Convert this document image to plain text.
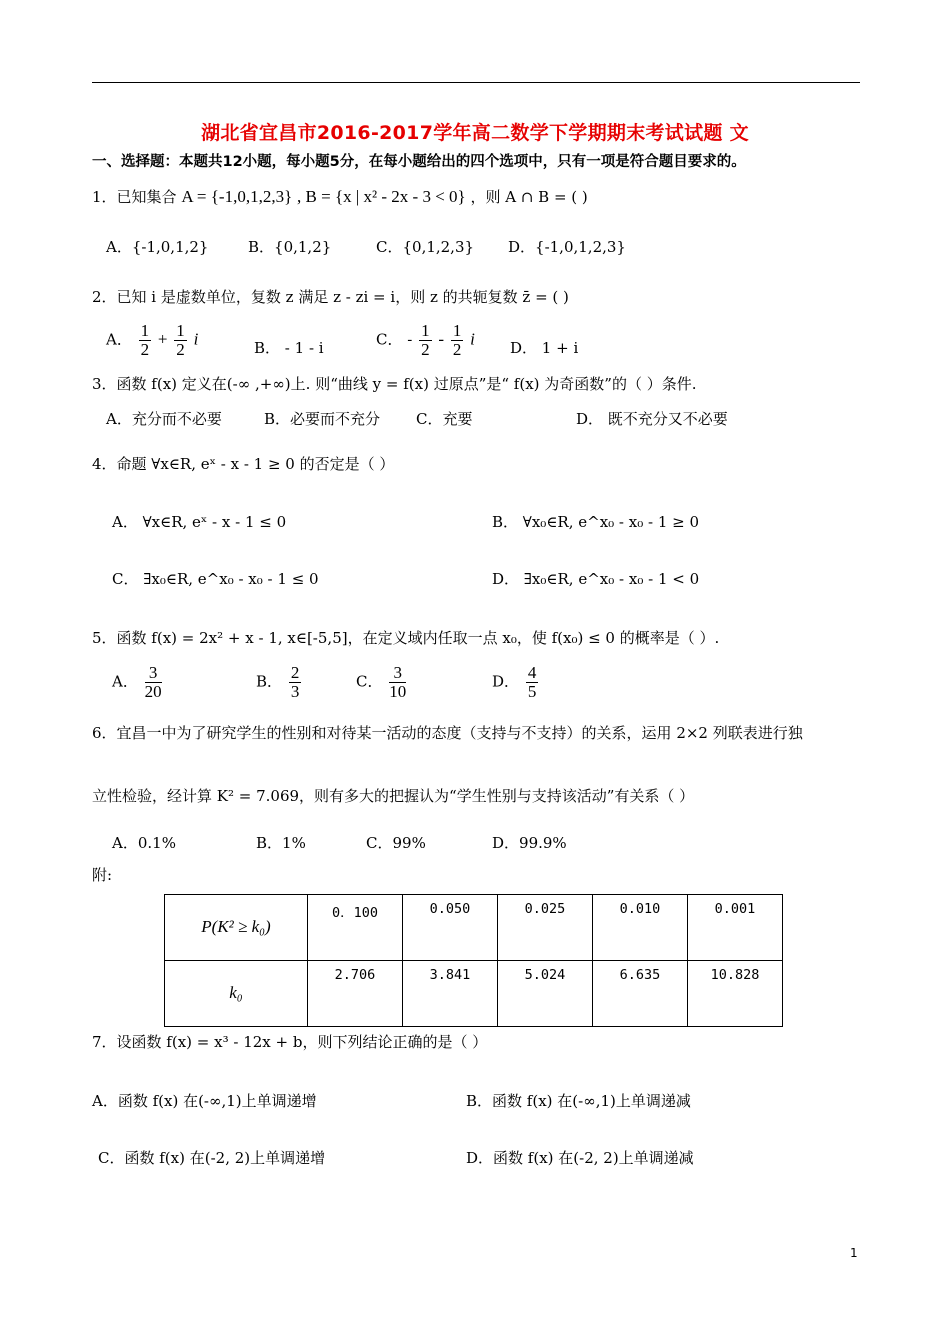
湖北省宜昌市2016-2017学年高二数学下学期期末考试试题 文
一、选择题：本题共12小题，每小题5分，在每小题给出的四个选项中，只有一项是符合题目要求的。
1．已知集合 A = {-1,0,1,2,3} , B = {x | x² - 2x - 3 < 0} ，则 A ∩ B = ( )
A．{-1,0,1,2}	B．{0,1,2}	C．{0,1,2,3} D．{-1,0,1,2,3}
2．已知 i 是虚数单位，复数 z 满足 z - zi = i，则 z 的共轭复数 z̄ = ( )
A． $\frac{1}{2} + \frac{1}{2}$ i	B． - 1 - i	C． - $\frac{1}{2} - \frac{1}{2}$ i D． 1 + i
3．函数 f(x) 定义在(-∞ ,+∞)上. 则“曲线 y = f(x) 过原点”是“ f(x) 为奇函数”的（ ）条件.
A．充分而不必要	B．必要而不充分 C．充要	D． 既不充分又不必要
4．命题 ∀x∈R, eˣ - x - 1 ≥ 0 的否定是（ ）
A． ∀x∈R, eˣ - x - 1 ≤ 0	B． ∀x₀∈R, e^x₀ - x₀ - 1 ≥ 0
C． ∃x₀∈R, e^x₀ - x₀ - 1 ≤ 0	D． ∃x₀∈R, e^x₀ - x₀ - 1 < 0
5．函数 f(x) = 2x² + x - 1, x∈[-5,5]，在定义域内任取一点 x₀，使 f(x₀) ≤ 0 的概率是（ ）.
A． $\frac{3}{20}$	B． $\frac{2}{3}$	C． $\frac{3}{10}$	D． $\frac{4}{5}$
6．宜昌一中为了研究学生的性别和对待某一活动的态度（支持与不支持）的关系，运用 2×2 列联表进行独
立性检验，经计算 K² = 7.069，则有多大的把握认为“学生性别与支持该活动”有关系（ ）
A．0.1%	B．1%	C．99%	D．99.9%
附:
P(K² ≥ k₀)	0．100	0.050	0.025	0.010	0.001
k₀	2.706	3.841	5.024	6.635	10.828
7．设函数 f(x) = x³ - 12x + b，则下列结论正确的是（ ）
A．函数 f(x) 在(-∞,1)上单调递增	B．函数 f(x) 在(-∞,1)上单调递减
C．函数 f(x) 在(-2, 2)上单调递增	D．函数 f(x) 在(-2, 2)上单调递减
1
